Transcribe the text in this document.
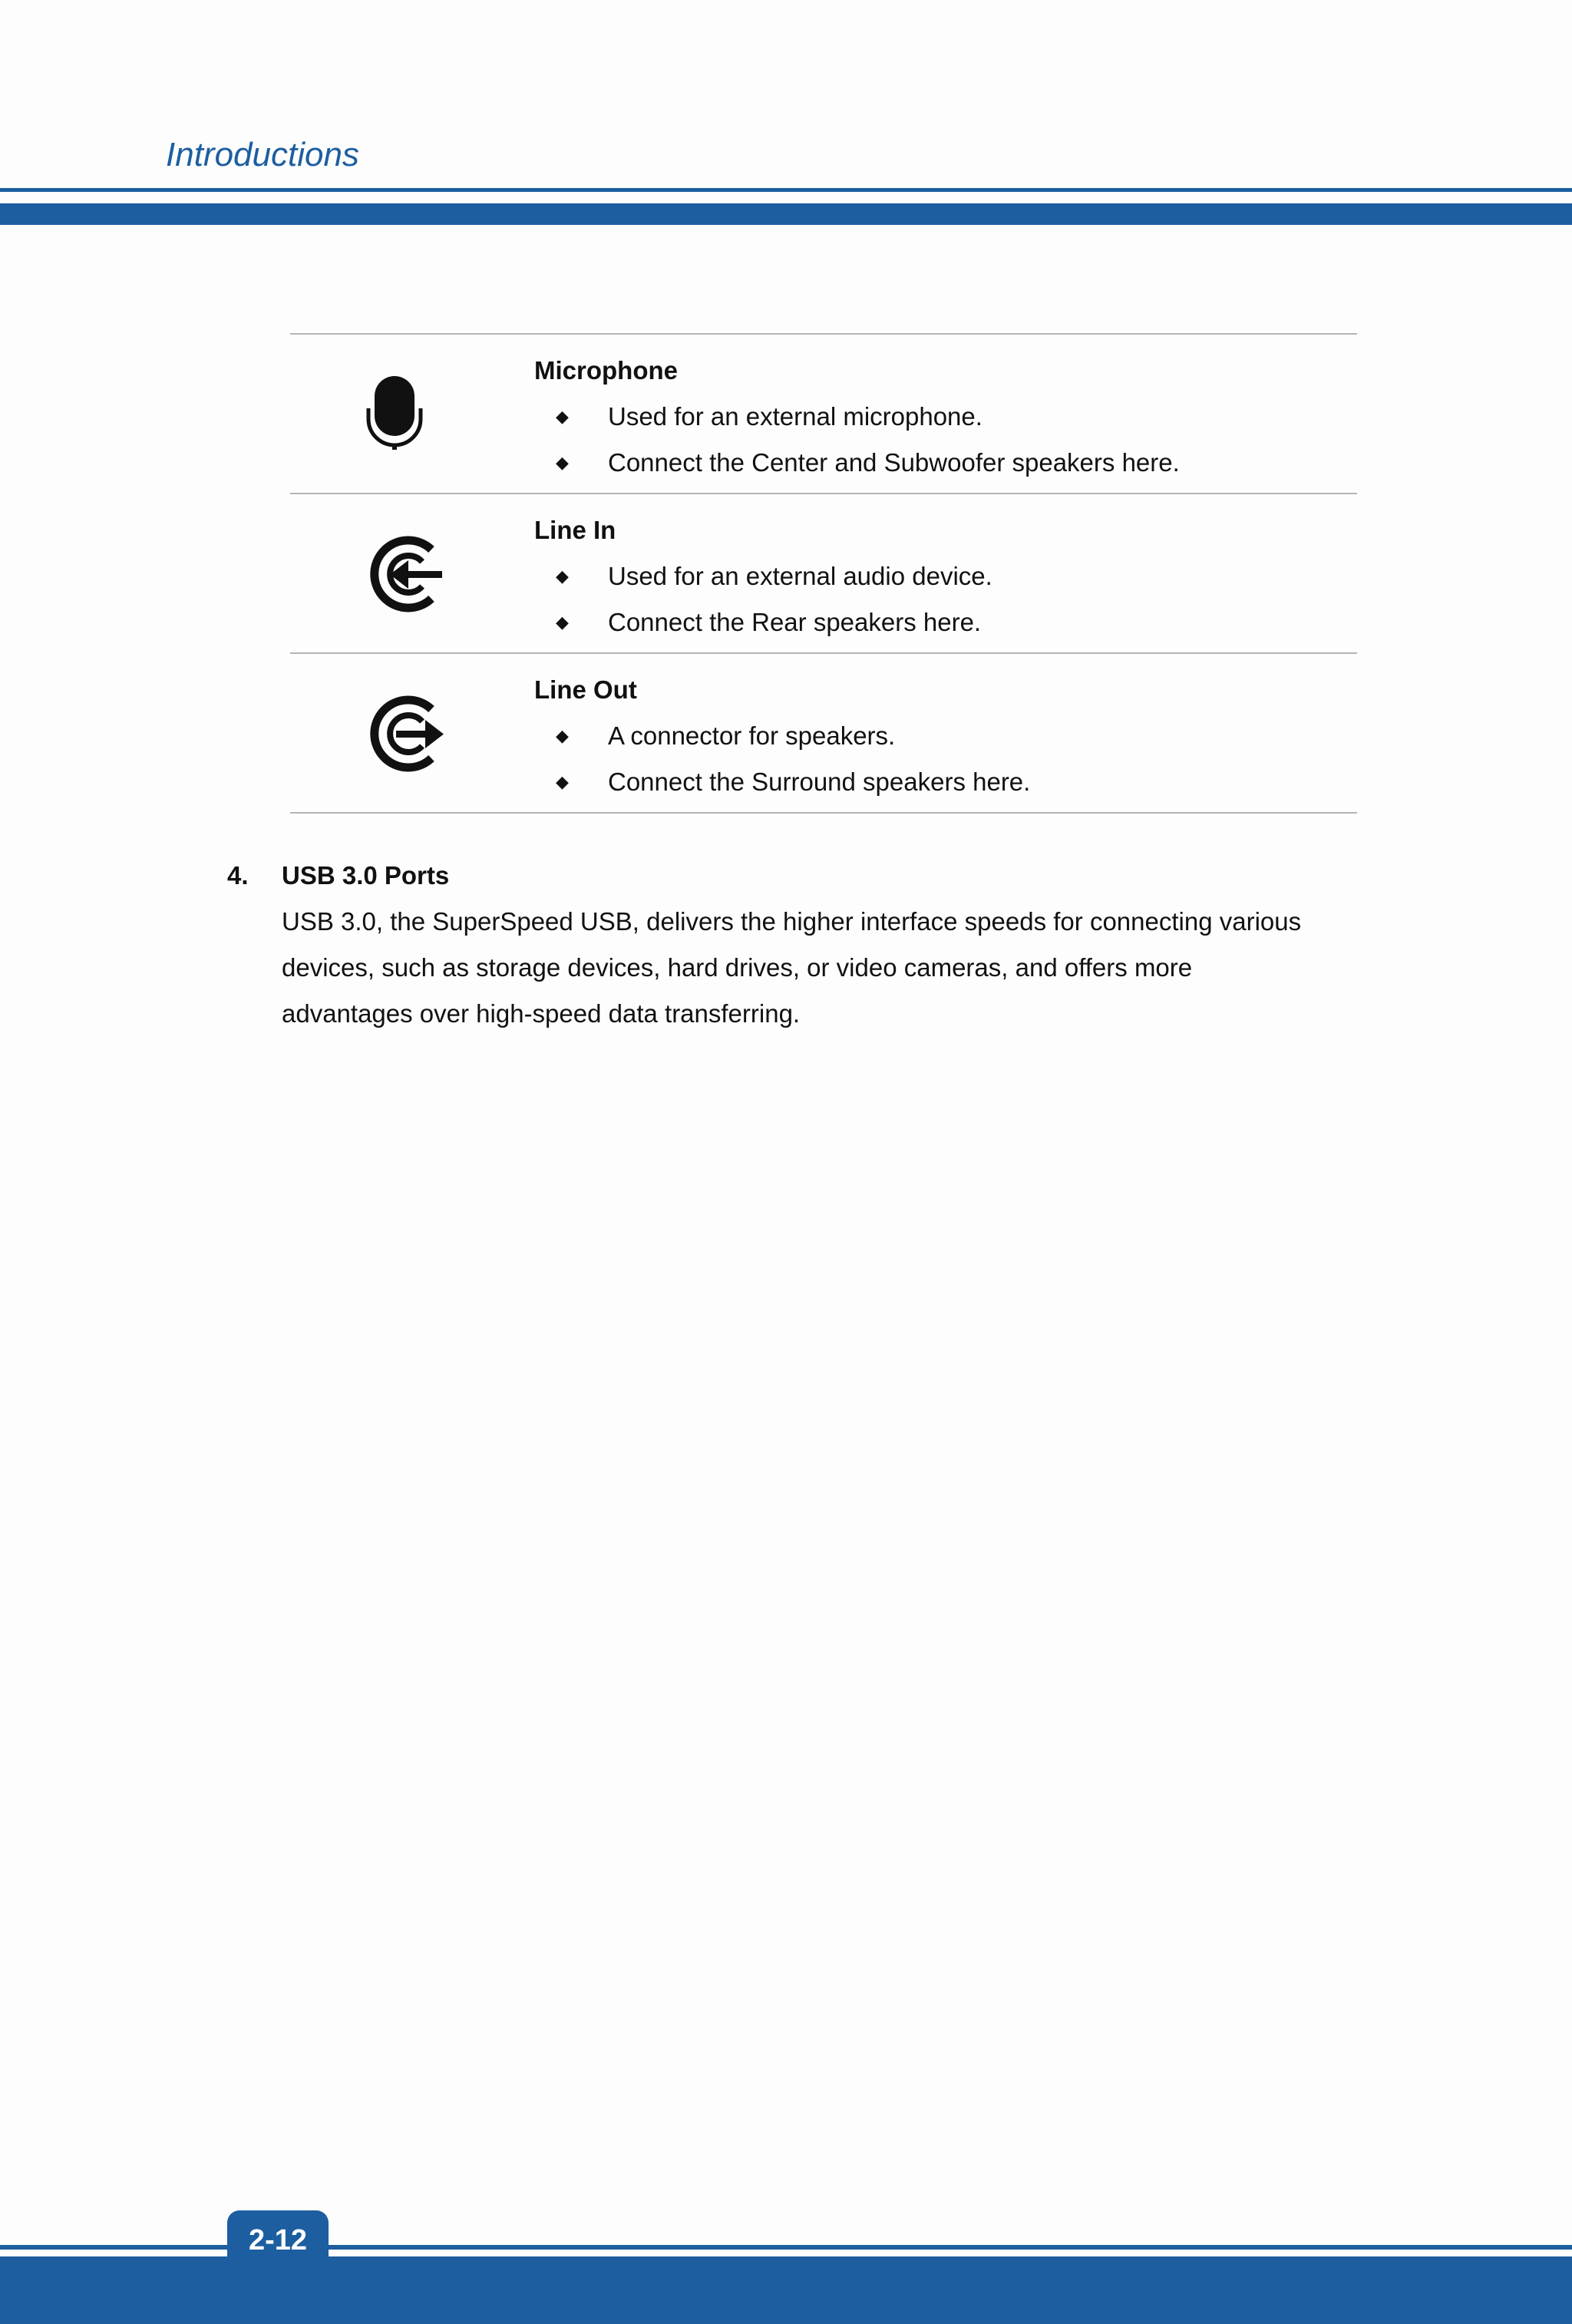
Introductions
Microphone
◆ Used for an external microphone.
◆ Connect the Center and Subwoofer speakers here.
Line In
◆ Used for an external audio device.
◆ Connect the Rear speakers here.
Line Out
◆ A connector for speakers.
◆ Connect the Surround speakers here.
4. USB 3.0 Ports
USB 3.0, the SuperSpeed USB, delivers the higher interface speeds for connecting various
devices, such as storage devices, hard drives, or video cameras, and offers more
advantages over high-speed data transferring.
2-12
